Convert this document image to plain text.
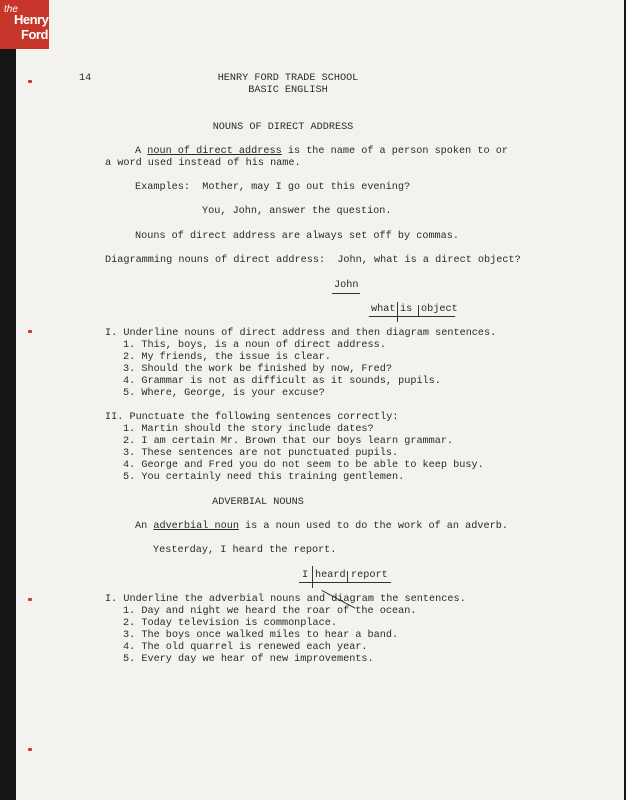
the
Henry
Ford
14	HENRY FORD TRADE SCHOOL
BASIC ENGLISH
NOUNS OF DIRECT ADDRESS
A noun of direct address is the name of a person spoken to or
a word used instead of his name.
Examples:  Mother, may I go out this evening?
You, John, answer the question.
Nouns of direct address are always set off by commas.
Diagramming nouns of direct address:  John, what is a direct object?
John
what is object
I. Underline nouns of direct address and then diagram sentences.
1. This, boys, is a noun of direct address.
2. My friends, the issue is clear.
3. Should the work be finished by now, Fred?
4. Grammar is not as difficult as it sounds, pupils.
5. Where, George, is your excuse?
II. Punctuate the following sentences correctly:
1. Martin should the story include dates?
2. I am certain Mr. Brown that our boys learn grammar.
3. These sentences are not punctuated pupils.
4. George and Fred you do not seem to be able to keep busy.
5. You certainly need this training gentlemen.
ADVERBIAL NOUNS
An adverbial noun is a noun used to do the work of an adverb.
Yesterday, I heard the report.
I heard report
I. Underline the adverbial nouns and diagram the sentences.
1. Day and night we heard the roar of the ocean.
2. Today television is commonplace.
3. The boys once walked miles to hear a band.
4. The old quarrel is renewed each year.
5. Every day we hear of new improvements.
